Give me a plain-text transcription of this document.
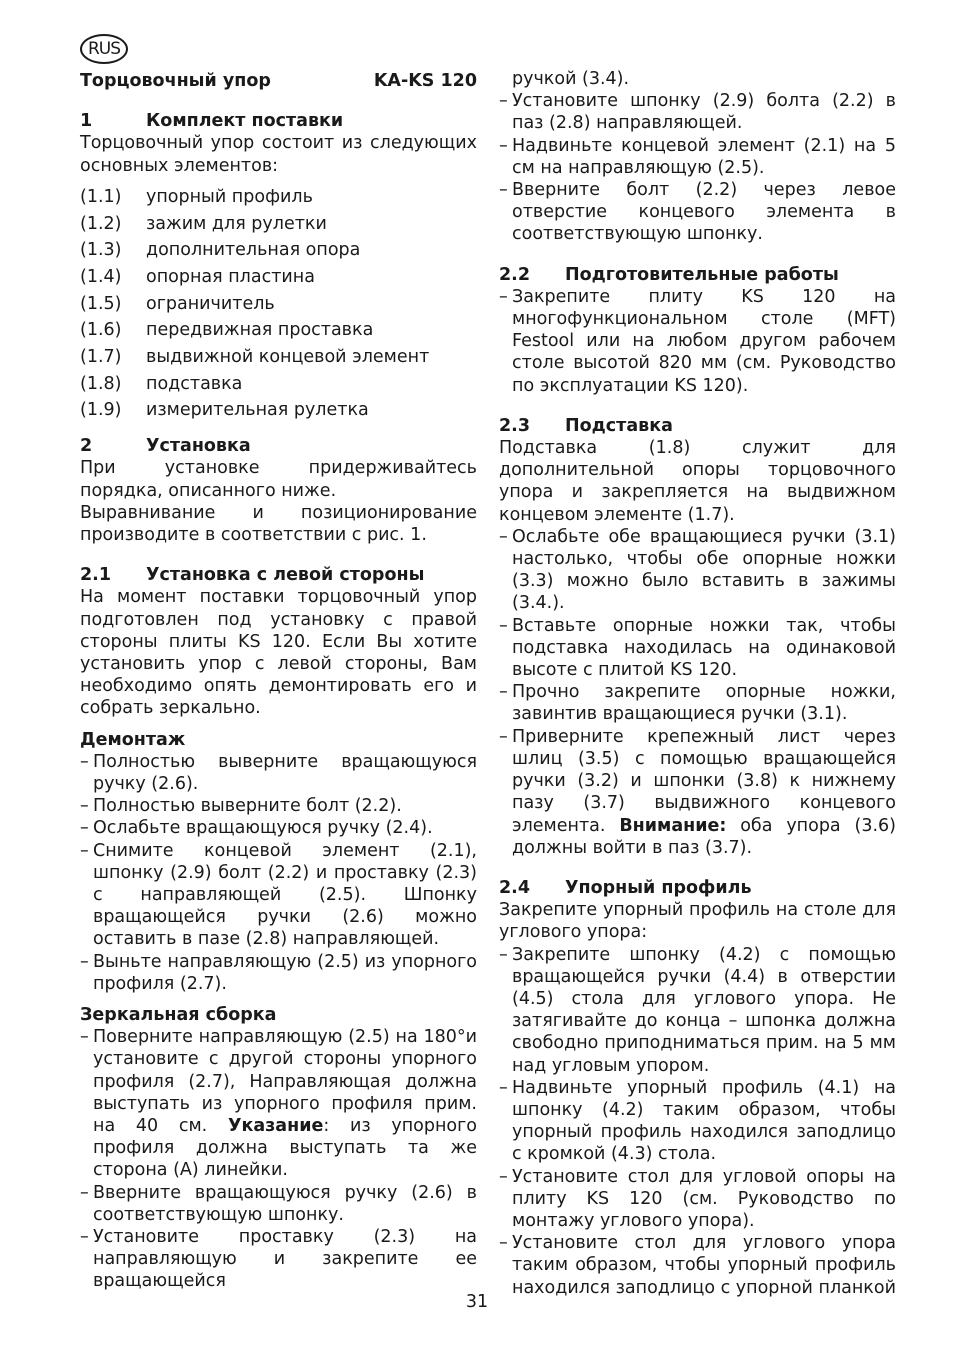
RUS
Торцовочный упор	KA-KS 120
1	Комплект поставки

Торцовочный упор состоит из следующих основных элементов:

(1.1)	упорный профиль
(1.2)	зажим для рулетки
(1.3)	дополнительная опора
(1.4)	опорная пластина
(1.5)	ограничитель
(1.6)	передвижная проставка
(1.7)	выдвижной концевой элемент
(1.8)	подставка
(1.9)	измерительная рулетка
2	Установка

При установке придерживайтесь порядка, описанного ниже.

Выравнивание и позиционирование производите в соответствии с рис. 1.

2.1	Установка с левой стороны

На момент поставки торцовочный упор подготовлен под установку с правой стороны плиты KS 120. Если Вы хотите установить упор с левой стороны, Вам необходимо опять демонтировать его и собрать зеркально.

Демонтаж

– Полностью выверните вращающуюся ручку (2.6).
– Полностью выверните болт (2.2).
– Ослабьте вращающуюся ручку (2.4).
– Снимите концевой элемент (2.1), шпонку (2.9) болт (2.2) и проставку (2.3) с направляющей (2.5). Шпонку вращающейся ручки (2.6) можно оставить в пазе (2.8) направляющей.
– Выньте направляющую (2.5) из упорного профиля (2.7).

Зеркальная сборка

– Поверните направляющую (2.5) на 180°и установите с другой стороны упорного профиля (2.7), Направляющая должна выступать из упорного профиля прим. на 40 см. Указание: из упорного профиля должна выступать та же сторона (A) линейки.
– Вверните вращающуюся ручку (2.6) в соответствующую шпонку.
– Установите проставку (2.3) на направляющую и закрепите ее вращающейся
ручкой (3.4).
– Установите шпонку (2.9) болта (2.2) в паз (2.8) направляющей.
– Надвиньте концевой элемент (2.1) на 5 см на направляющую (2.5).
– Вверните болт (2.2) через левое отверстие концевого элемента в соответствующую шпонку.
2.2	Подготовительные работы
– Закрепите плиту KS 120 на многофункциональном столе (MFT) Festool или на любом другом рабочем столе высотой 820 мм (см. Руководство по эксплуатации KS 120).
2.3	Подставка

Подставка (1.8) служит для дополнительной опоры торцовочного упора и закрепляется на выдвижном концевом элементе (1.7).

– Ослабьте обе вращающиеся ручки (3.1) настолько, чтобы обе опорные ножки (3.3) можно было вставить в зажимы (3.4.).
– Вставьте опорные ножки так, чтобы подставка находилась на одинаковой высоте с плитой KS 120.
– Прочно закрепите опорные ножки, завинтив вращающиеся ручки (3.1).
– Приверните крепежный лист через шлиц (3.5) с помощью вращающейся ручки (3.2) и шпонки (3.8) к нижнему пазу (3.7) выдвижного концевого элемента. Внимание: оба упора (3.6) должны войти в паз (3.7).
2.4	Упорный профиль

Закрепите упорный профиль на столе для углового упора:

– Закрепите шпонку (4.2) с помощью вращающейся ручки (4.4) в отверстии (4.5) стола для углового упора. Не затягивайте до конца – шпонка должна свободно приподниматься прим. на 5 мм над угловым упором.
– Надвиньте упорный профиль (4.1) на шпонку (4.2) таким образом, чтобы упорный профиль находился заподлицо с кромкой (4.3) стола.
– Установите стол для угловой опоры на плиту KS 120 (см. Руководство по монтажу углового упора).
– Установите стол для углового упора таким образом, чтобы упорный профиль находился заподлицо с упорной планкой
31
